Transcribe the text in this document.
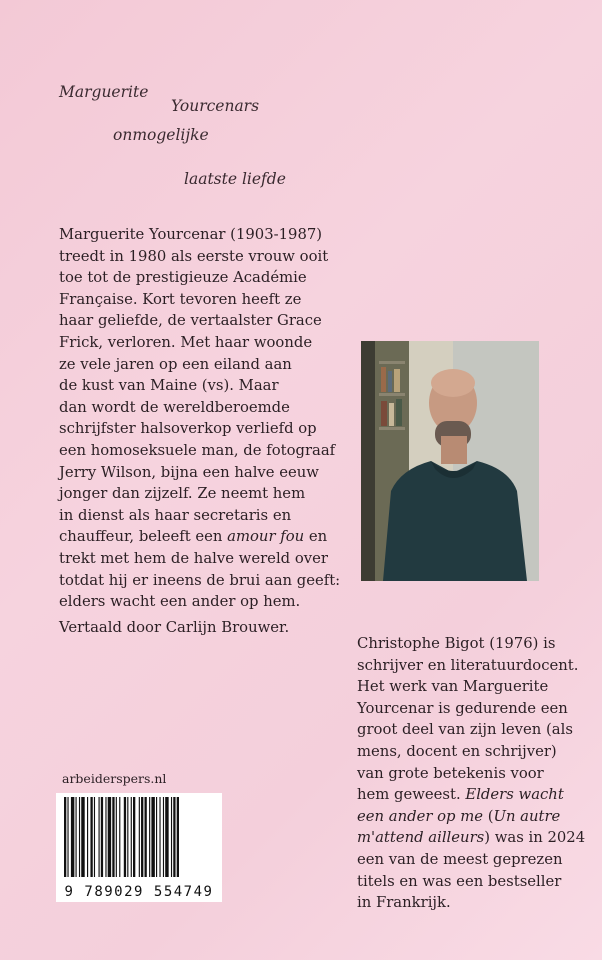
Marguerite
Yourcenars
onmogelijke
laatste liefde
Marguerite Yourcenar (1903-1987)
treedt in 1980 als eerste vrouw ooit
toe tot de prestigieuze Académie
Française. Kort tevoren heeft ze
haar geliefde, de vertaalster Grace
Frick, verloren. Met haar woonde
ze vele jaren op een eiland aan
de kust van Maine (vs). Maar
dan wordt de wereldberoemde
schrijfster halsoverkop verliefd op
een homoseksuele man, de fotograaf
Jerry Wilson, bijna een halve eeuw
jonger dan zijzelf. Ze neemt hem
in dienst als haar secretaris en
chauffeur, beleeft een amour fou en
trekt met hem de halve wereld over
totdat hij er ineens de brui aan geeft:
elders wacht een ander op hem.
Vertaald door Carlijn Brouwer.
Christophe Bigot (1976) is
schrijver en literatuurdocent.
Het werk van Marguerite
Yourcenar is gedurende een
groot deel van zijn leven (als
mens, docent en schrijver)
van grote betekenis voor
hem geweest. Elders wacht
een ander op me (Un autre
m'attend ailleurs) was in 2024
een van de meest geprezen
titels en was een bestseller
in Frankrijk.
arbeiderspers.nl
9 789029 554749
